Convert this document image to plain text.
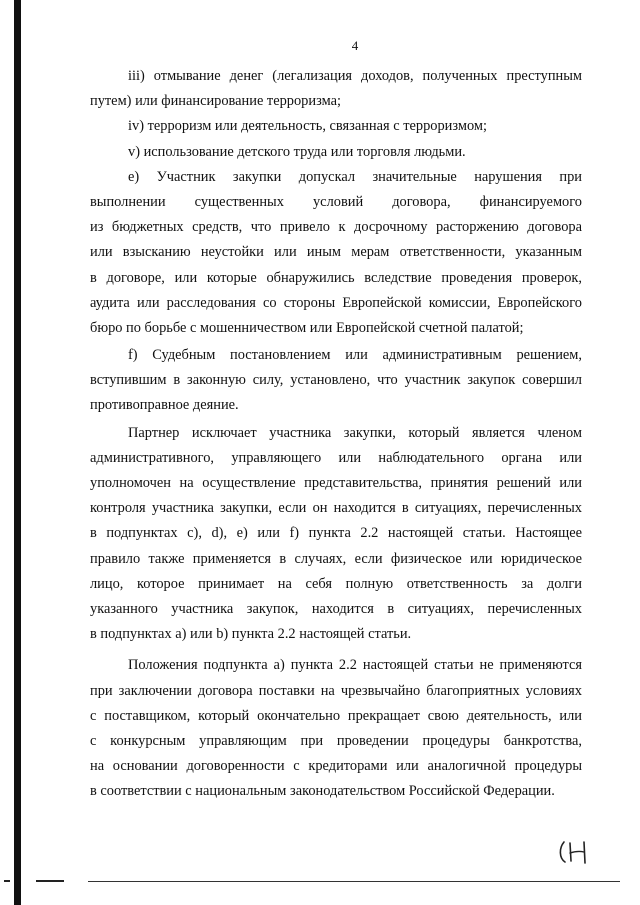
4

iii) отмывание денег (легализация доходов, полученных преступным
путем) или финансирование терроризма;

iv) терроризм или деятельность, связанная с терроризмом;

v) использование детского труда или торговля людьми.

e) Участник закупки допускал значительные нарушения при
выполнении существенных условий договора, финансируемого
из бюджетных средств, что привело к досрочному расторжению договора
или взысканию неустойки или иным мерам ответственности, указанным
в договоре, или которые обнаружились вследствие проведения проверок,
аудита или расследования со стороны Европейской комиссии, Европейского
бюро по борьбе с мошенничеством или Европейской счетной палатой;

f) Судебным постановлением или административным решением,
вступившим в законную силу, установлено, что участник закупок совершил
противоправное деяние.

Партнер исключает участника закупки, который является членом
административного, управляющего или наблюдательного органа или
уполномочен на осуществление представительства, принятия решений или
контроля участника закупки, если он находится в ситуациях, перечисленных
в подпунктах c), d), e) или f) пункта 2.2 настоящей статьи. Настоящее
правило также применяется в случаях, если физическое или юридическое
лицо, которое принимает на себя полную ответственность за долги
указанного участника закупок, находится в ситуациях, перечисленных
в подпунктах a) или b) пункта 2.2 настоящей статьи.

Положения подпункта a) пункта 2.2 настоящей статьи не применяются
при заключении договора поставки на чрезвычайно благоприятных условиях
с поставщиком, который окончательно прекращает свою деятельность, или
с конкурсным управляющим при проведении процедуры банкротства,
на основании договоренности с кредиторами или аналогичной процедуры
в соответствии с национальным законодательством Российской Федерации.
